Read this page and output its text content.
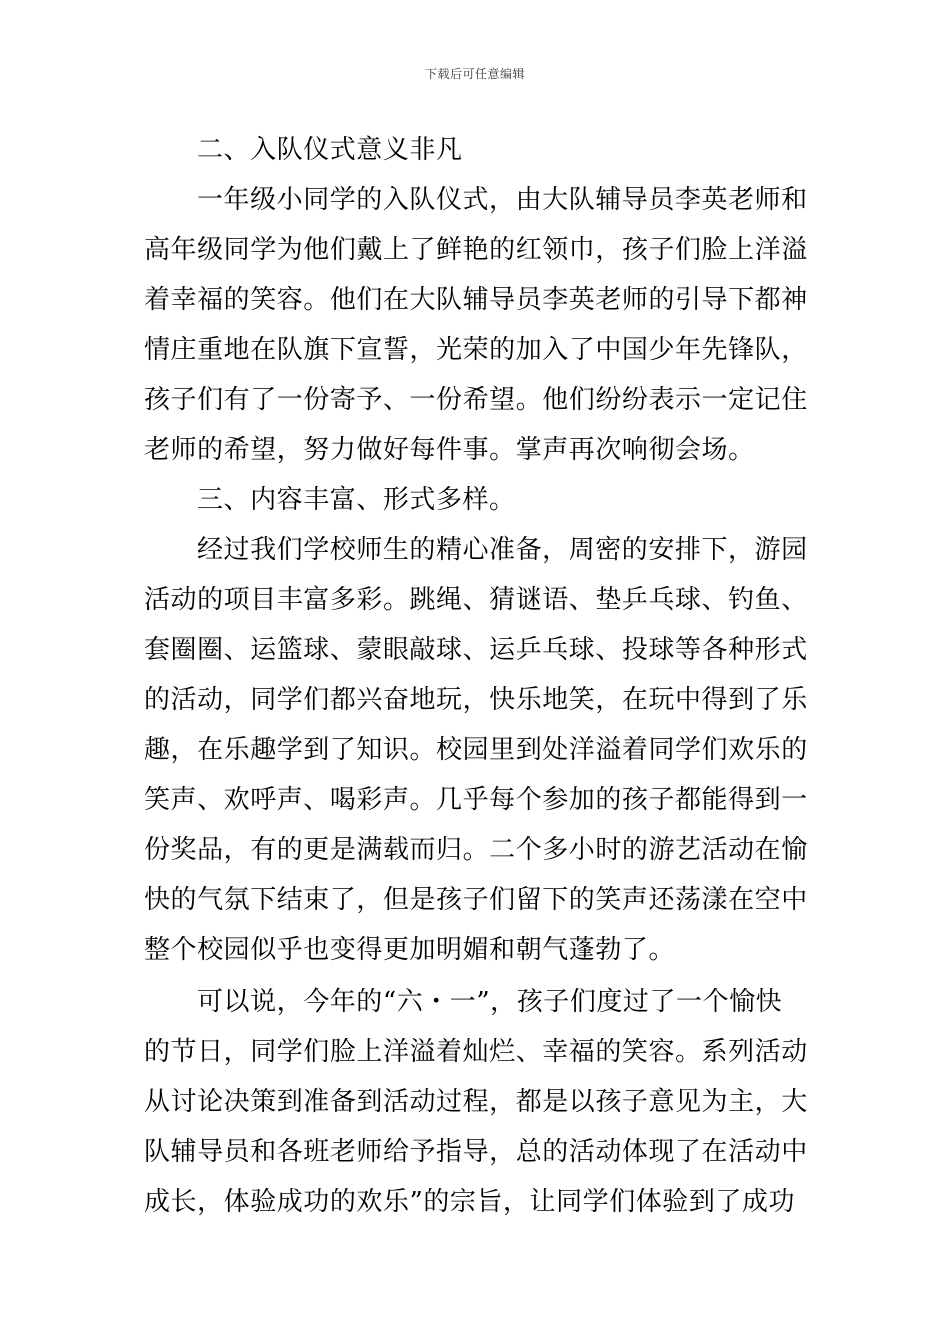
下载后可任意编辑
二、入队仪式意义非凡
一年级小同学的入队仪式，由大队辅导员李英老师和
高年级同学为他们戴上了鲜艳的红领巾，孩子们脸上洋溢
着幸福的笑容。他们在大队辅导员李英老师的引导下都神
情庄重地在队旗下宣誓，光荣的加入了中国少年先锋队，
孩子们有了一份寄予、一份希望。他们纷纷表示一定记住
老师的希望，努力做好每件事。掌声再次响彻会场。
三、内容丰富、形式多样。
经过我们学校师生的精心准备，周密的安排下，游园
活动的项目丰富多彩。跳绳、猜谜语、垫乒乓球、钓鱼、
套圈圈、运篮球、蒙眼敲球、运乒乓球、投球等各种形式
的活动，同学们都兴奋地玩，快乐地笑，在玩中得到了乐
趣，在乐趣学到了知识。校园里到处洋溢着同学们欢乐的
笑声、欢呼声、喝彩声。几乎每个参加的孩子都能得到一
份奖品，有的更是满载而归。二个多小时的游艺活动在愉
快的气氛下结束了，但是孩子们留下的笑声还荡漾在空中
整个校园似乎也变得更加明媚和朝气蓬勃了。
可以说，今年的“六・一”，孩子们度过了一个愉快
的节日，同学们脸上洋溢着灿烂、幸福的笑容。系列活动
从讨论决策到准备到活动过程，都是以孩子意见为主，大
队辅导员和各班老师给予指导，总的活动体现了在活动中
成长，体验成功的欢乐”的宗旨，让同学们体验到了成功
